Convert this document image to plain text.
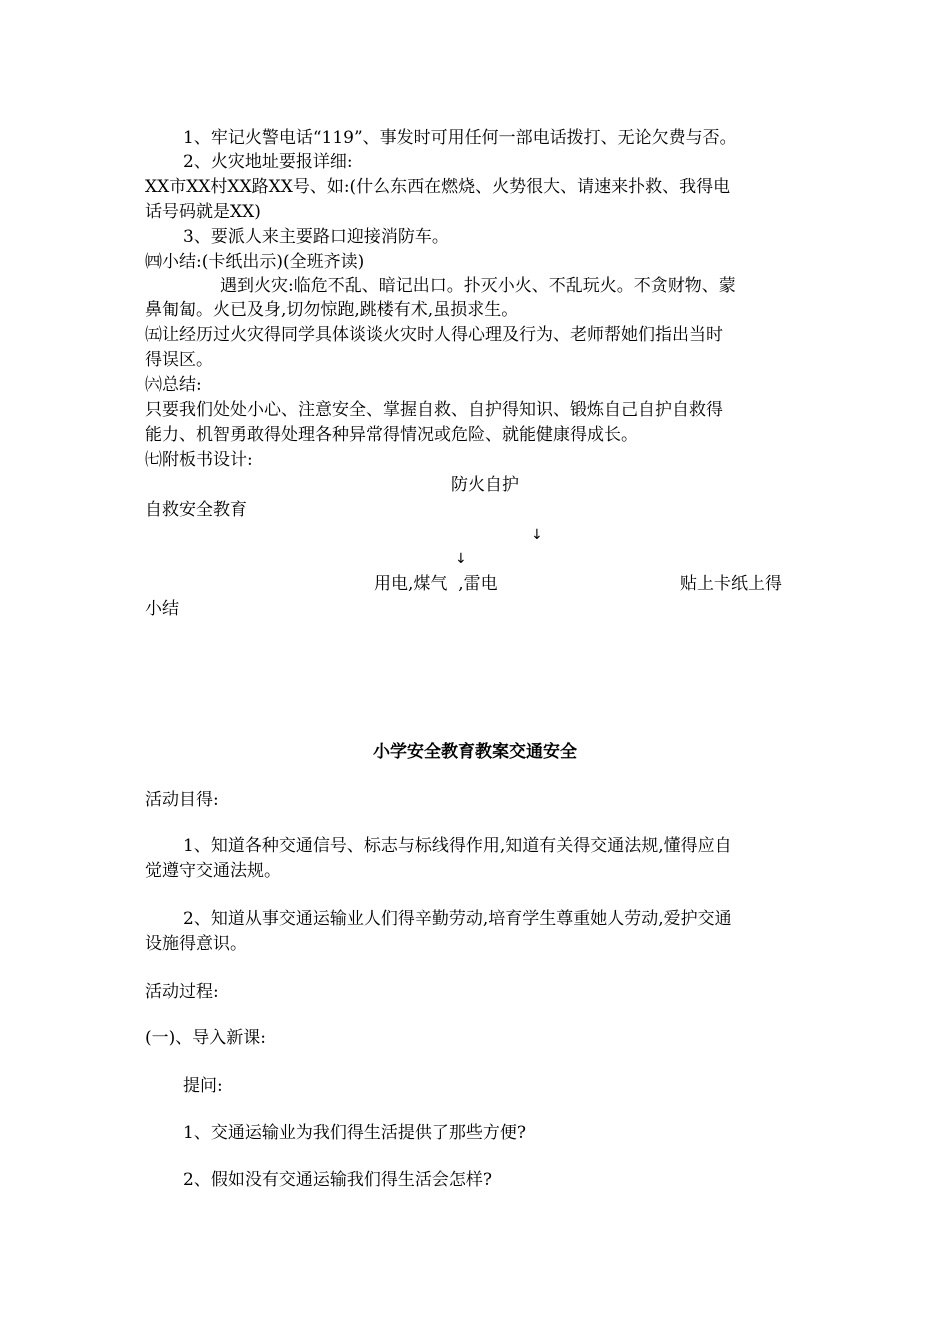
1、牢记火警电话“119”、事发时可用任何一部电话拨打、无论欠费与否。
2、火灾地址要报详细:
XX市XX村XX路XX号、如:(什么东西在燃烧、火势很大、请速来扑救、我得电
话号码就是XX)
3、要派人来主要路口迎接消防车。
㈣小结:(卡纸出示)(全班齐读)
遇到火灾:临危不乱、暗记出口。扑灭小火、不乱玩火。不贪财物、蒙
鼻匍匐。火已及身,切勿惊跑,跳楼有术,虽损求生。
㈤让经历过火灾得同学具体谈谈火灾时人得心理及行为、老师帮她们指出当时
得误区。
㈥总结:
只要我们处处小心、注意安全、掌握自救、自护得知识、锻炼自己自护自救得
能力、机智勇敢得处理各种异常得情况或危险、就能健康得成长。
㈦附板书设计:
防火自护
自救安全教育
↓
↓
用电,煤气  ,雷电	贴上卡纸上得
小结
小学安全教育教案交通安全
活动目得:
1、知道各种交通信号、标志与标线得作用,知道有关得交通法规,懂得应自
觉遵守交通法规。
2、知道从事交通运输业人们得辛勤劳动,培育学生尊重她人劳动,爱护交通
设施得意识。
活动过程:
(一)、导入新课:
提问:
1、交通运输业为我们得生活提供了那些方便?
2、假如没有交通运输我们得生活会怎样?
